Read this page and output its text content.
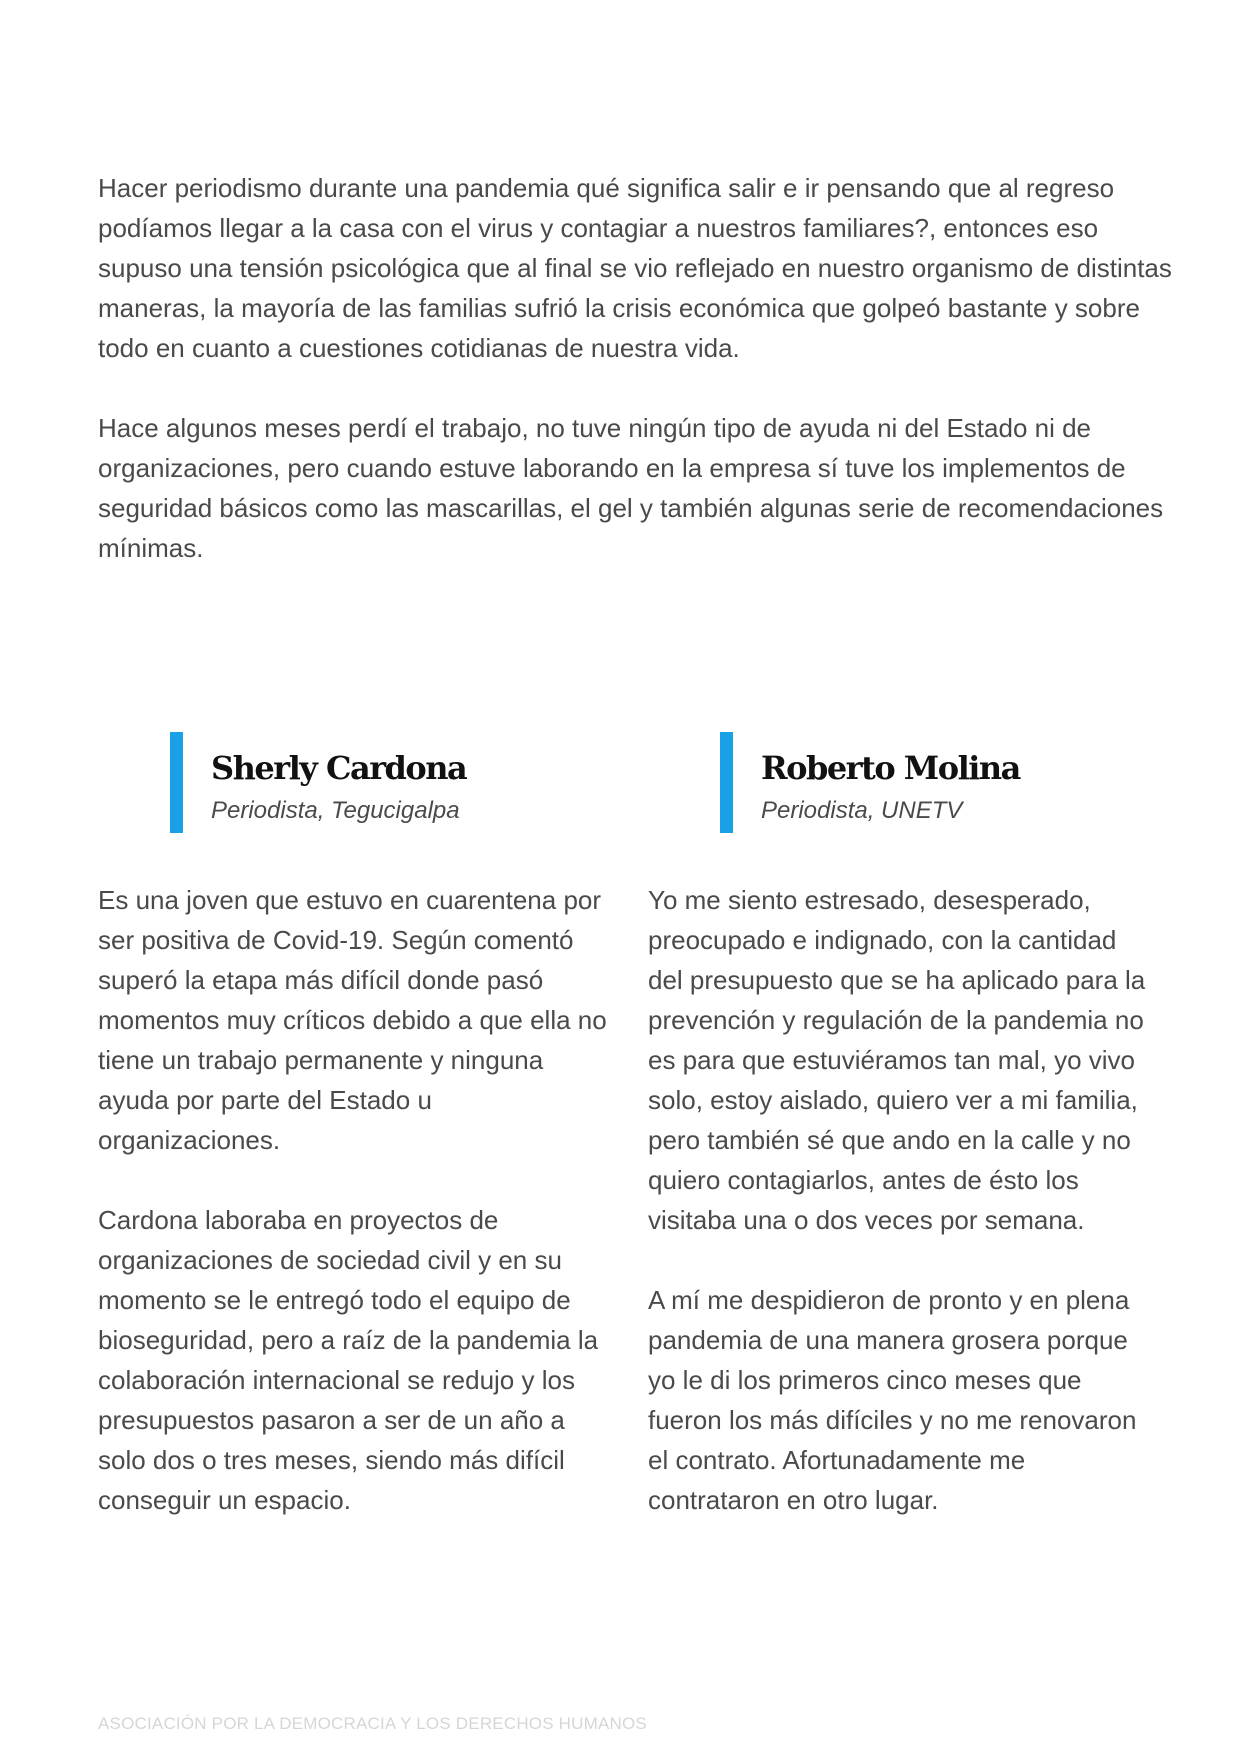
Hacer periodismo durante una pandemia qué significa salir e ir pensando que al regreso podíamos llegar a la casa con el virus y contagiar a nuestros familiares?, entonces eso supuso una tensión psicológica que al final se vio reflejado en nuestro organismo de distintas maneras, la mayoría de las familias sufrió la crisis económica que golpeó bastante y sobre todo en cuanto a cuestiones cotidianas de nuestra vida.

Hace algunos meses perdí el trabajo, no tuve ningún tipo de ayuda ni del Estado ni de organizaciones, pero cuando estuve laborando en la empresa sí tuve los implementos de seguridad básicos como las mascarillas, el gel y también algunas serie de recomendaciones mínimas.

Sherly Cardona

Periodista, Tegucigalpa

Roberto Molina

Periodista, UNETV

Es una joven que estuvo en cuarentena por ser positiva de Covid-19. Según comentó superó la etapa más difícil donde pasó momentos muy críticos debido a que ella no tiene un trabajo permanente y ninguna ayuda por parte del Estado u organizaciones.

Cardona laboraba en proyectos de organizaciones de sociedad civil y en su momento se le entregó todo el equipo de bioseguridad, pero a raíz de la pandemia la colaboración internacional se redujo y los presupuestos pasaron a ser de un año a solo dos o tres meses, siendo más difícil conseguir un espacio.

Yo me siento estresado, desesperado, preocupado e indignado, con la cantidad del presupuesto que se ha aplicado para la prevención y regulación de la pandemia no es para que estuviéramos tan mal, yo vivo solo, estoy aislado, quiero ver a mi familia, pero también sé que ando en la calle y no quiero contagiarlos, antes de ésto los visitaba una o dos veces por semana.

A mí me despidieron de pronto y en plena pandemia de una manera grosera porque yo le di los primeros cinco meses que fueron los más difíciles y no me renovaron el contrato. Afortunadamente me contrataron en otro lugar.

ASOCIACIÓN POR LA DEMOCRACIA Y LOS DERECHOS HUMANOS
